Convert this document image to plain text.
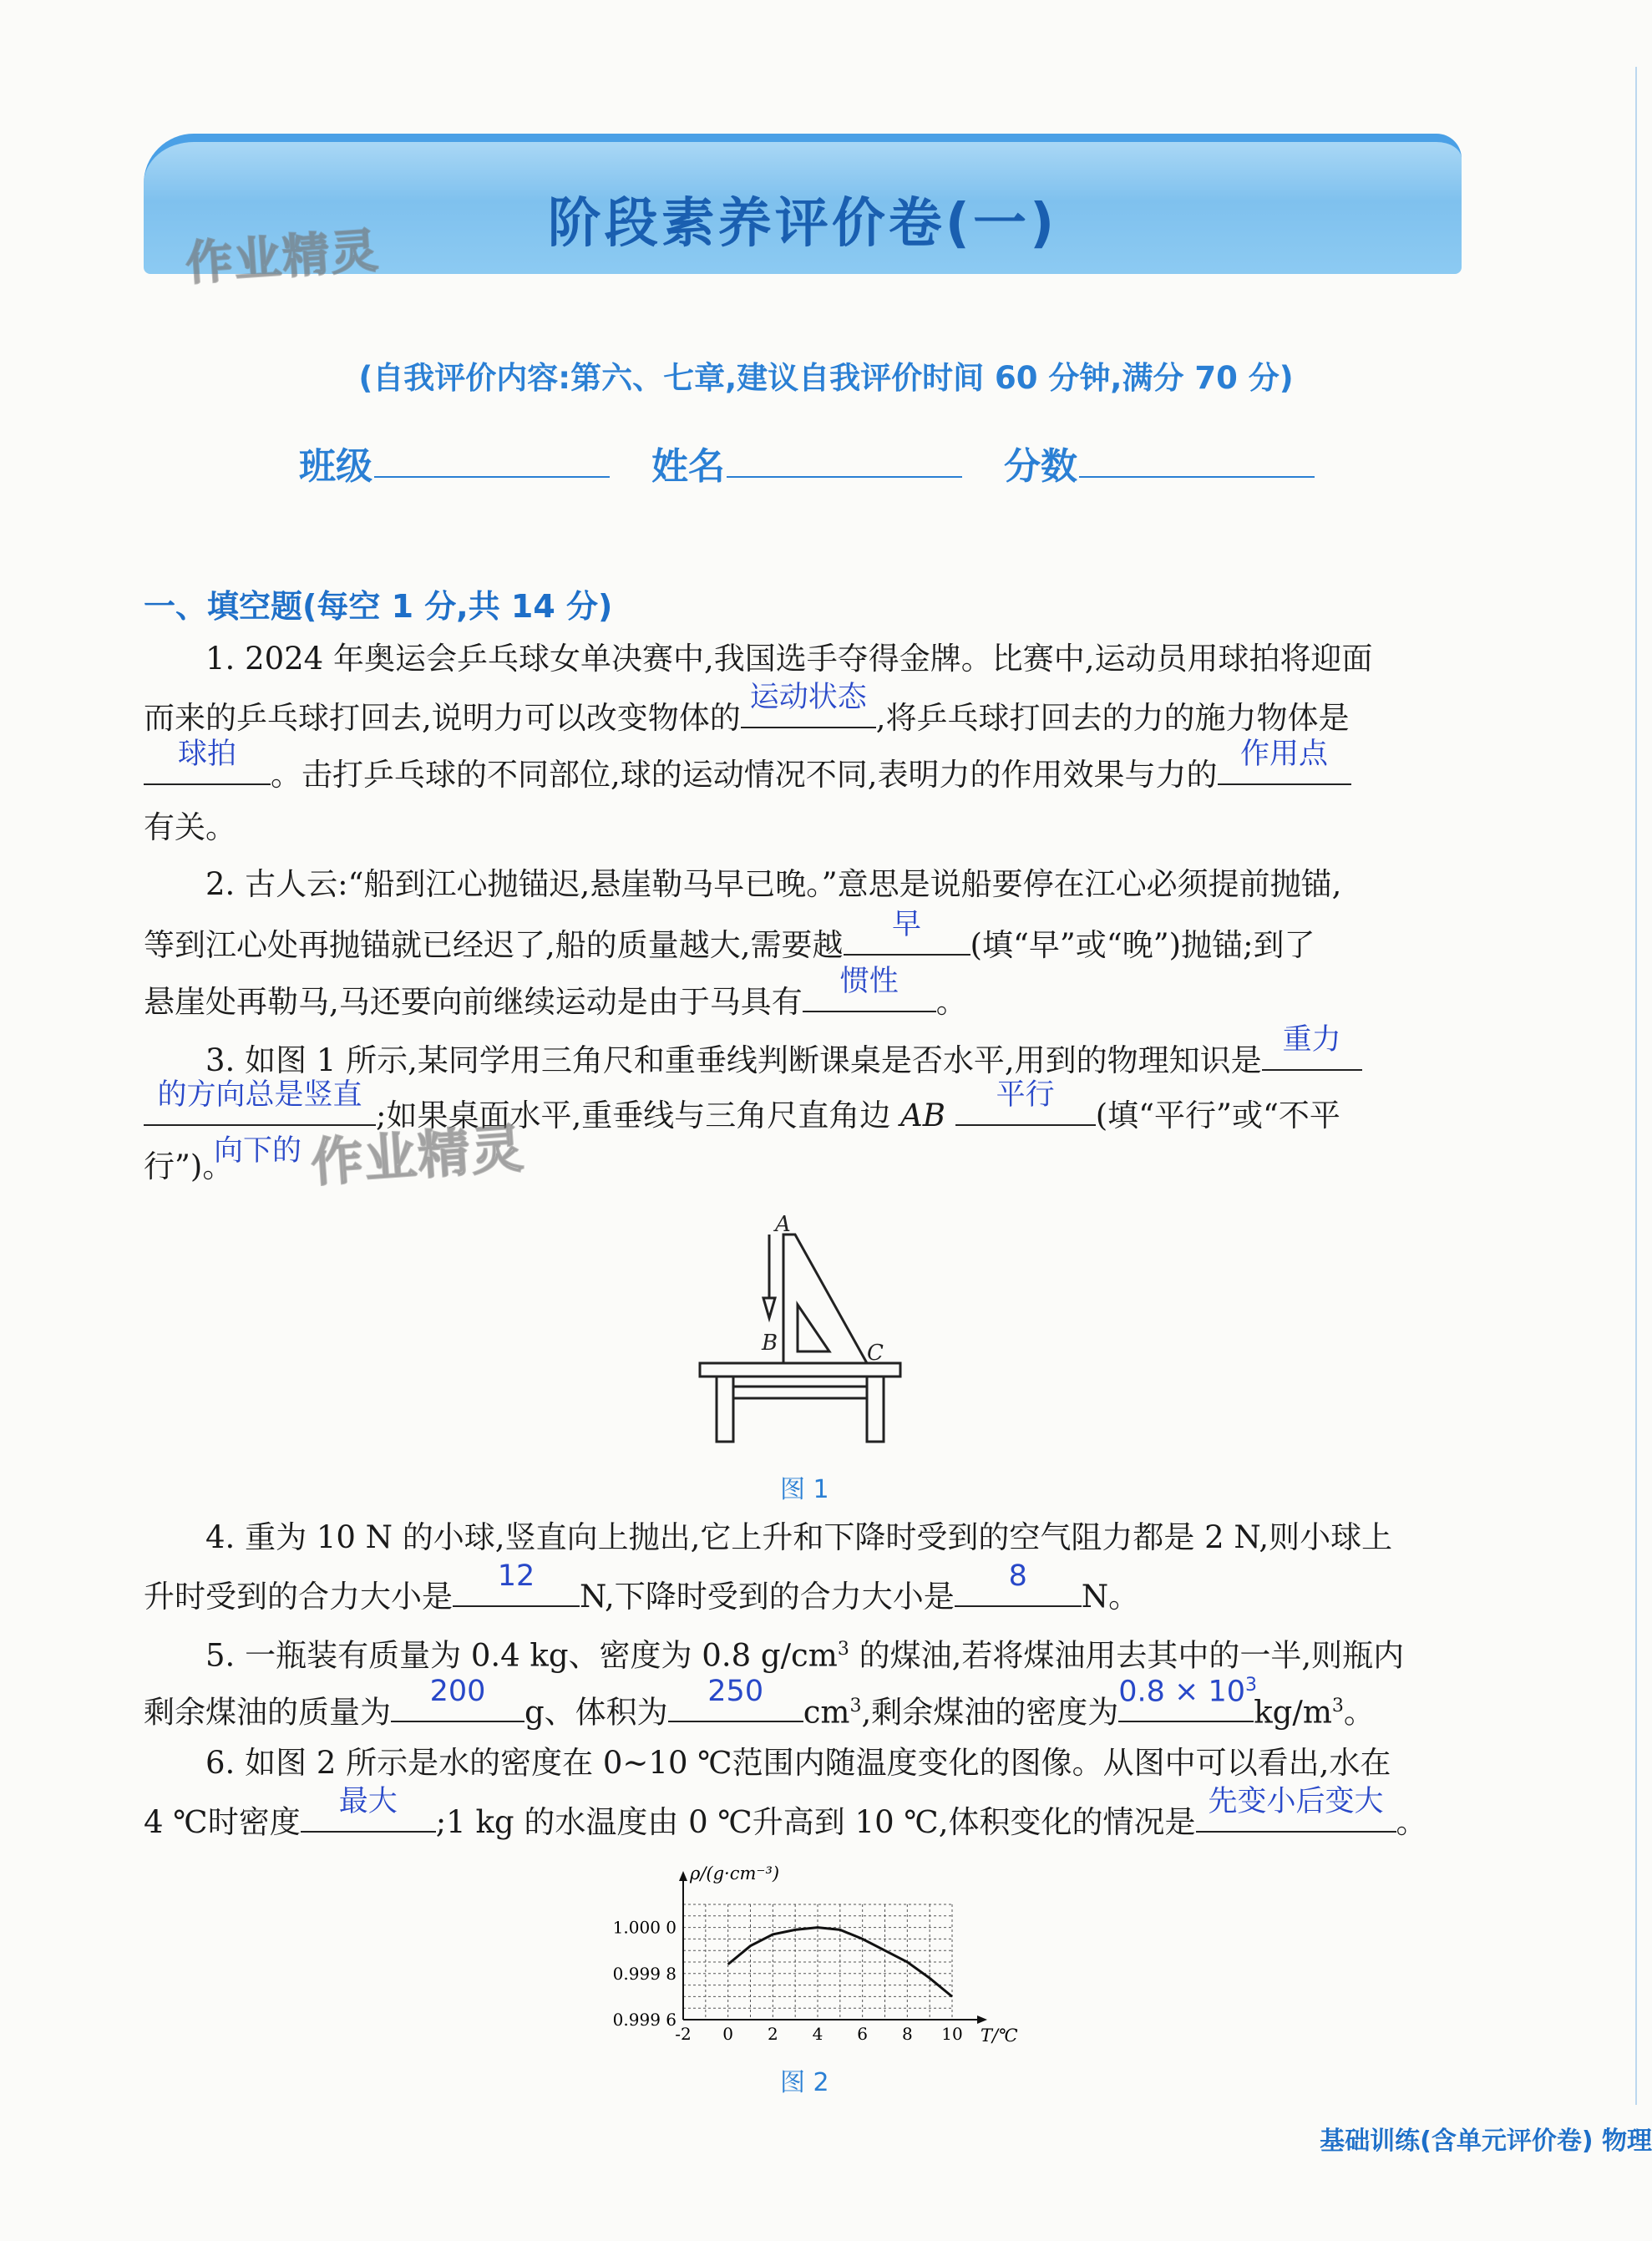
阶段素养评价卷(一)
作业精灵
(自我评价内容:第六、七章,建议自我评价时间 60 分钟,满分 70 分)
班级	姓名	分数
一、填空题(每空 1 分,共 14 分)
1. 2024 年奥运会乒乓球女单决赛中,我国选手夺得金牌。比赛中,运动员用球拍将迎面
而来的乒乓球打回去,说明力可以改变物体的
运动状态
,将乒乓球打回去的力的施力物体是
球拍
。击打乒乓球的不同部位,球的运动情况不同,表明力的作用效果与力的
作用点
有关。
2. 古人云:“船到江心抛锚迟,悬崖勒马早已晚。”意思是说船要停在江心必须提前抛锚,
等到江心处再抛锚就已经迟了,船的质量越大,需要越
早
(填“早”或“晚”)抛锚;到了
悬崖处再勒马,马还要向前继续运动是由于马具有
惯性
。
3. 如图 1 所示,某同学用三角尺和重垂线判断课桌是否水平,用到的物理知识是
重力
的方向总是竖直
;如果桌面水平,重垂线与三角尺直角边 AB
平行
(填“平行”或“不平
向下的
行”)。	作业精灵
A
B	C
图 1
4. 重为 10 N 的小球,竖直向上抛出,它上升和下降时受到的空气阻力都是 2 N,则小球上
升时受到的合力大小是
12
N,下降时受到的合力大小是
8
N。
5. 一瓶装有质量为 0.4 kg、密度为 0.8 $g/cm^3$ 的煤油,若将煤油用去其中的一半,则瓶内
剩余煤油的质量为
200
g、体积为
250
$cm^3$,剩余煤油的密度为
$0.8 \times 10^3$
$kg/m^3$。
6. 如图 2 所示是水的密度在 0~10 ℃范围内随温度变化的图像。从图中可以看出,水在
4 ℃时密度
最大
;1 kg 的水温度由 0 ℃升高到 10 ℃,体积变化的情况是
先变小后变大
。
-2 0 2 4 6 8 10
1.000 0
0.999 8
0.999 6
ρ/(g·cm⁻³)
T/℃
图 2
基础训练(含单元评价卷) 物理
